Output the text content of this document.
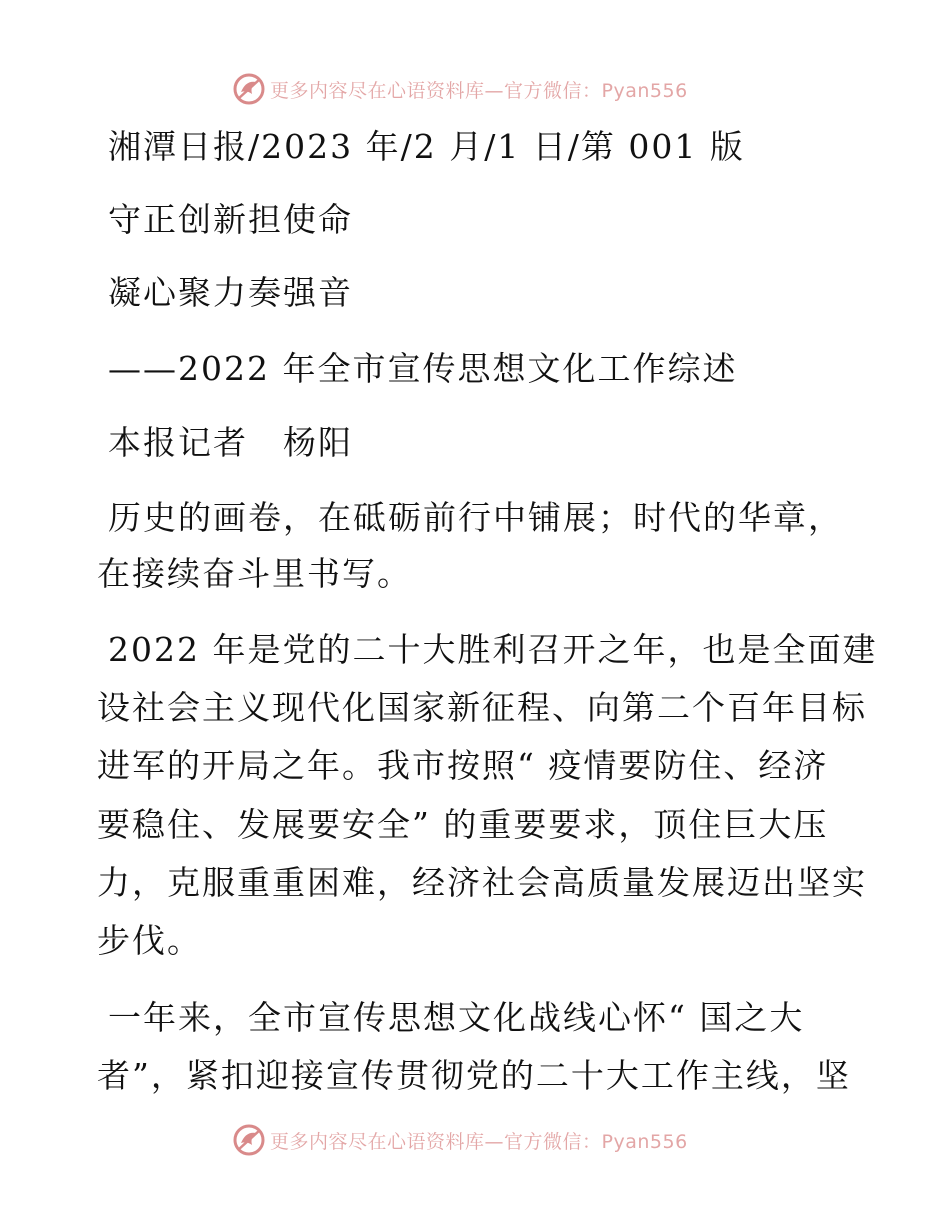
更多内容尽在心语资料库—官方微信：Pyan556
湘潭日报/2023 年/2 月/1 日/第 001 版
守正创新担使命
凝心聚力奏强音
——2022 年全市宣传思想文化工作综述
本报记者　杨阳
历史的画卷，在砥砺前行中铺展；时代的华章，
在接续奋斗里书写。
2022 年是党的二十大胜利召开之年，也是全面建
设社会主义现代化国家新征程、向第二个百年目标
进军的开局之年。我市按照“ 疫情要防住、经济
要稳住、发展要安全” 的重要要求，顶住巨大压
力，克服重重困难，经济社会高质量发展迈出坚实
步伐。
一年来，全市宣传思想文化战线心怀“ 国之大
者”，紧扣迎接宣传贯彻党的二十大工作主线，坚
更多内容尽在心语资料库—官方微信：Pyan556
